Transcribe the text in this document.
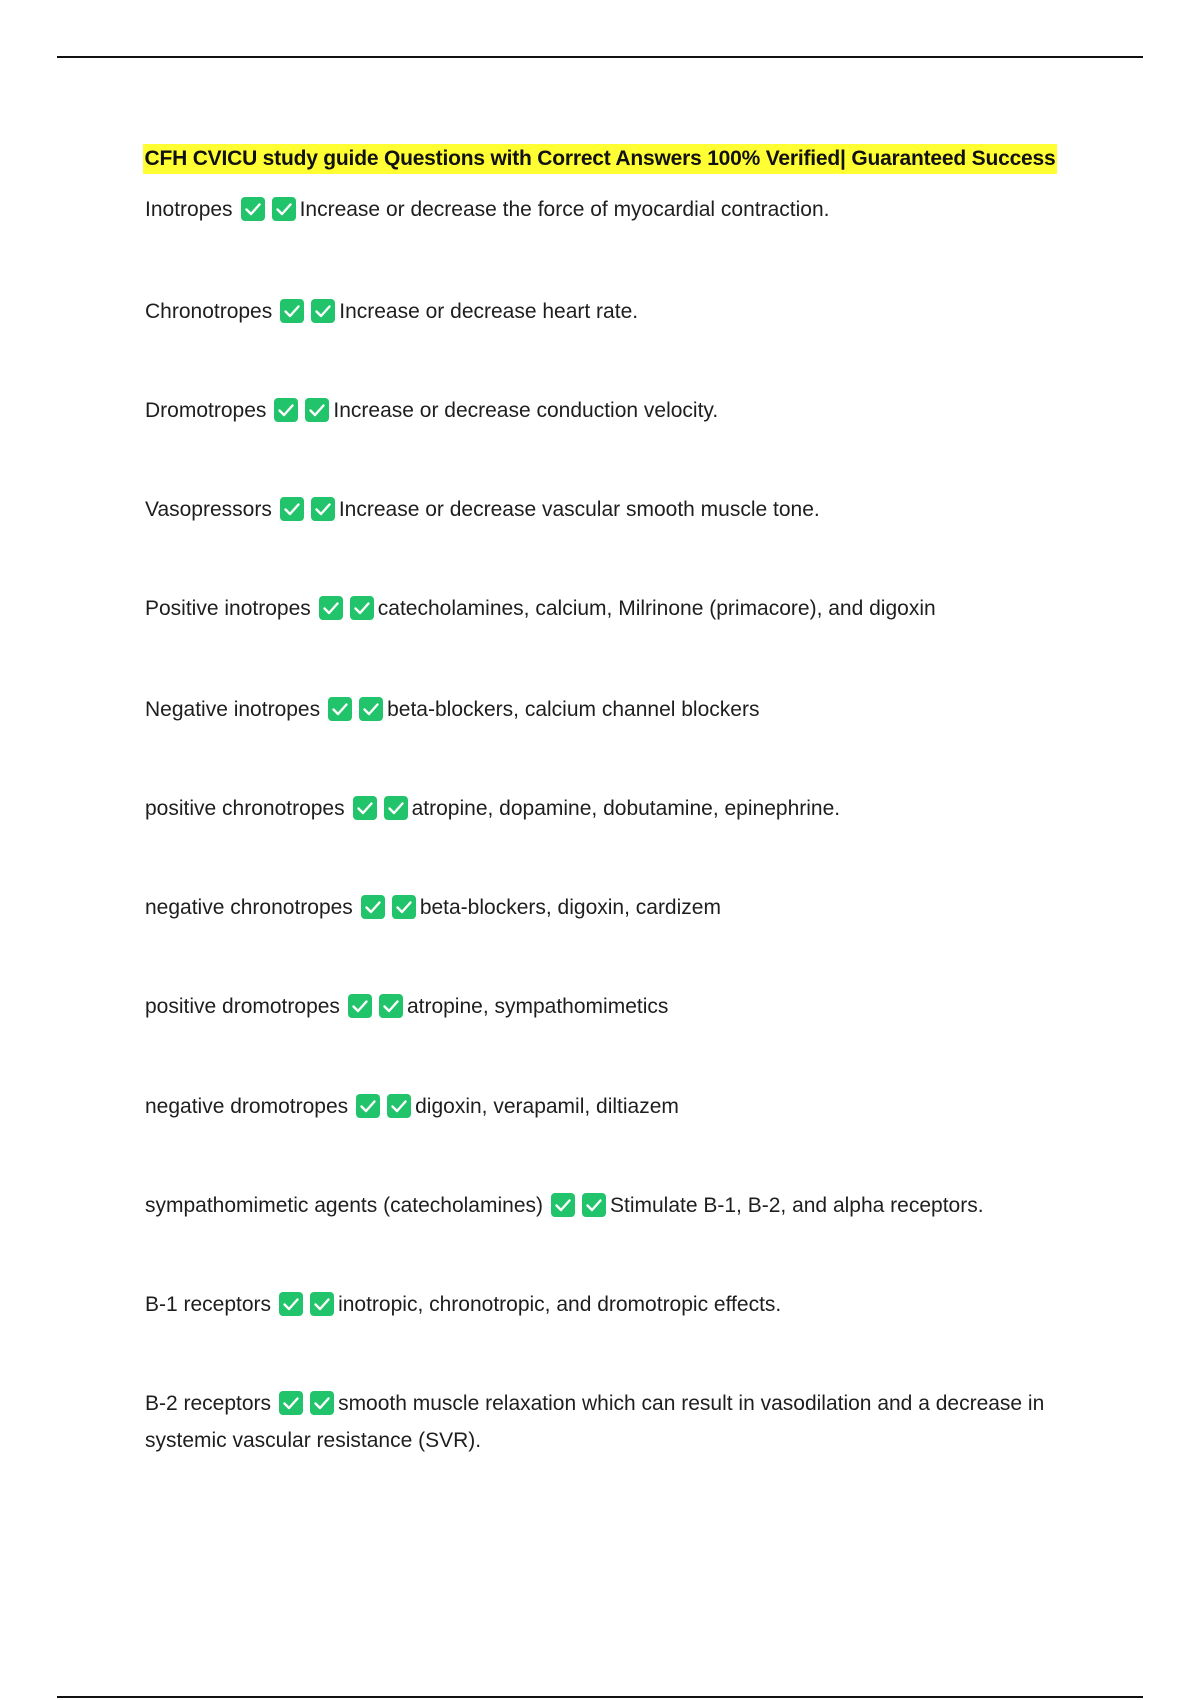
CFH CVICU study guide Questions with Correct Answers 100% Verified| Guaranteed Success
Inotropes	Increase or decrease the force of myocardial contraction.
Chronotropes	Increase or decrease heart rate.
Dromotropes	Increase or decrease conduction velocity.
Vasopressors	Increase or decrease vascular smooth muscle tone.
Positive inotropes	catecholamines, calcium, Milrinone (primacore), and digoxin
Negative inotropes	beta-blockers, calcium channel blockers
positive chronotropes	atropine, dopamine, dobutamine, epinephrine.
negative chronotropes	beta-blockers, digoxin, cardizem
positive dromotropes	atropine, sympathomimetics
negative dromotropes	digoxin, verapamil, diltiazem
sympathomimetic agents (catecholamines)	Stimulate B-1, B-2, and alpha receptors.
B-1 receptors	inotropic, chronotropic, and dromotropic effects.
B-2 receptors	smooth muscle relaxation which can result in vasodilation and a decrease in systemic vascular resistance (SVR).
